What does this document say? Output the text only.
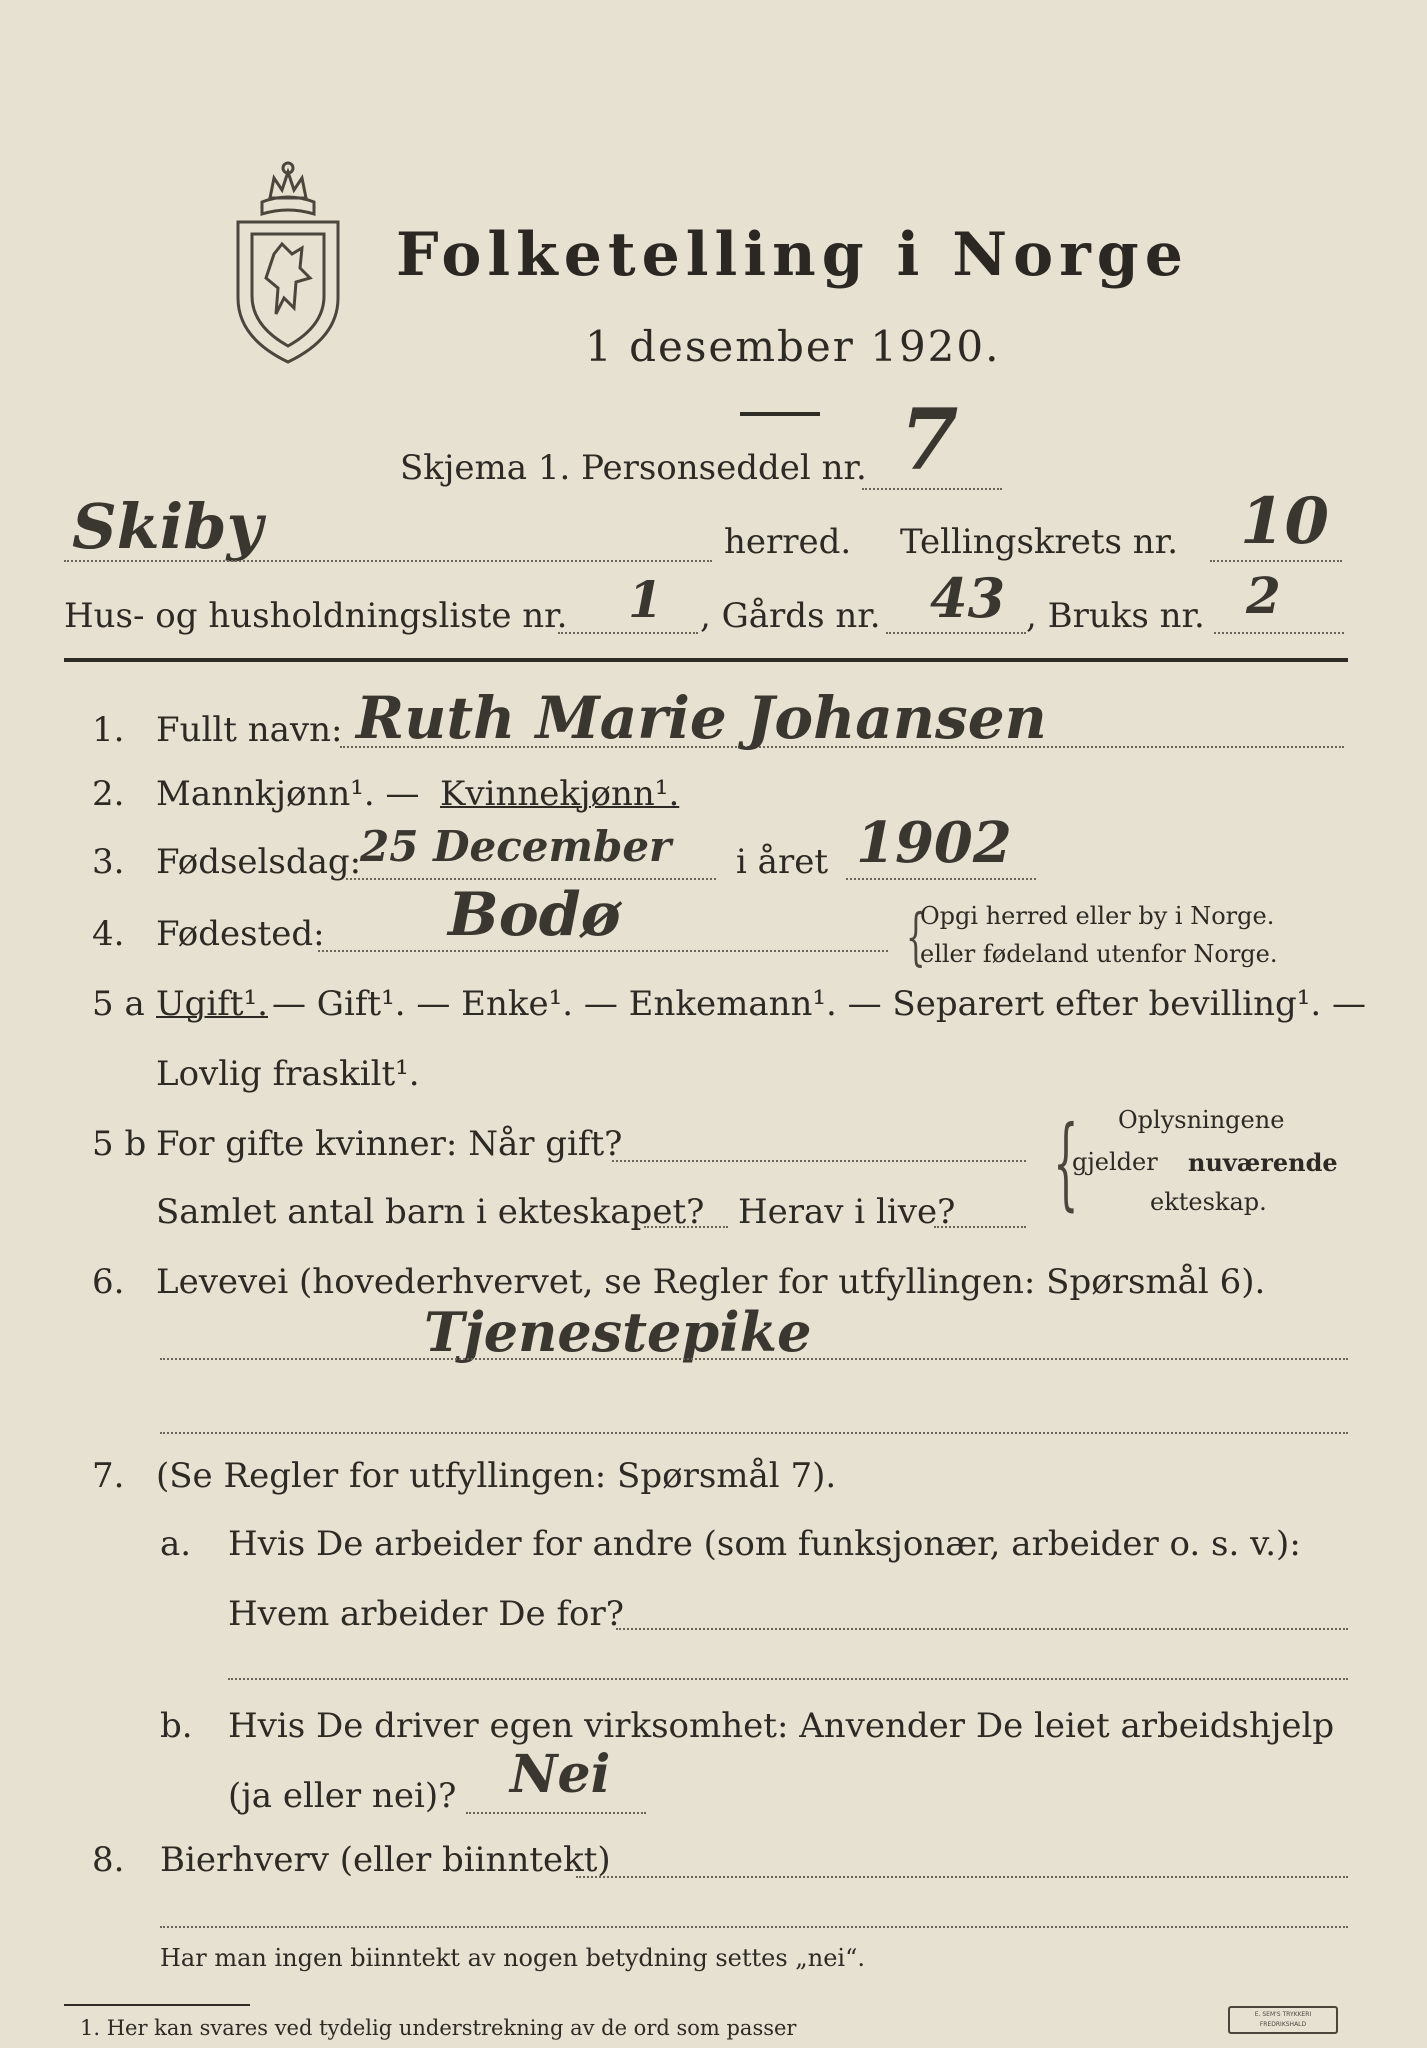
Folketelling i Norge
1 desember 1920.
Skjema 1. Personseddel nr. 7
Skiby	herred. Tellingskrets nr. 10
Hus- og husholdningsliste nr. 1 , Gårds nr. 43 , Bruks nr. 2
1. Fullt navn: Ruth Marie Johansen
2. Mannkjønn¹. — Kvinnekjønn¹.
3. Fødselsdag:
25 December i året 1902
4. Fødested: Bodø	{
Opgi herred eller by i Norge.
eller fødeland utenfor Norge.
5 a Ugift¹. — Gift¹. — Enke¹. — Enkemann¹. — Separert efter bevilling¹. —
Lovlig fraskilt¹.
5 b For gifte kvinner: Når gift?
Samlet antal barn i ekteskapet? Herav i live? { Oplysningene
gjelder nuværende
ekteskap.
6. Levevei (hovederhvervet, se Regler for utfyllingen: Spørsmål 6).
Tjenestepike
7. (Se Regler for utfyllingen: Spørsmål 7).
a. Hvis De arbeider for andre (som funksjonær, arbeider o. s. v.):
Hvem arbeider De for?
b. Hvis De driver egen virksomhet: Anvender De leiet arbeidshjelp
(ja eller nei)? Nei
8. Bierhverv (eller biinntekt)
Har man ingen biinntekt av nogen betydning settes „nei“.
1. Her kan svares ved tydelig understrekning av de ord som passer
E. SEM'S TRYKKERI FREDRIKSHALD
